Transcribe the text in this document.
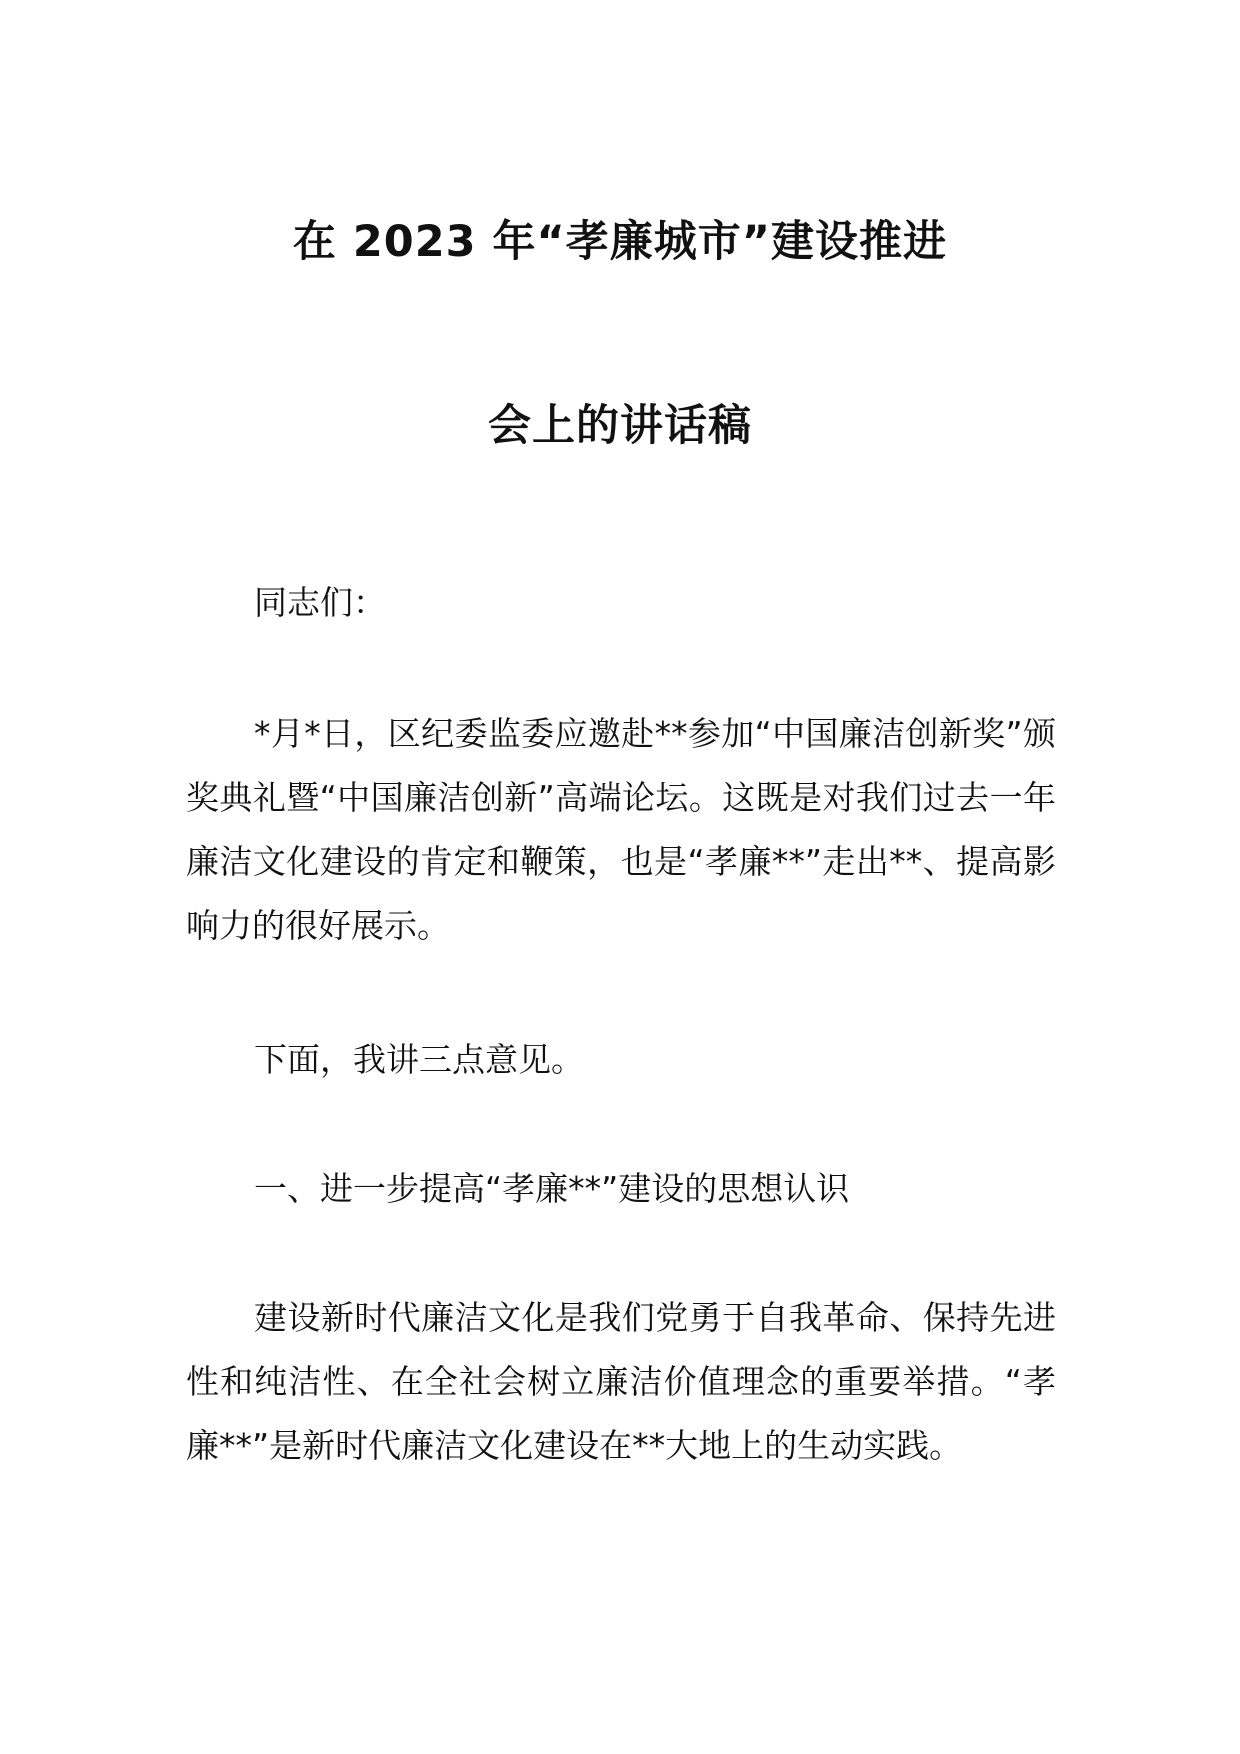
在 2023 年“孝廉城市”建设推进
会上的讲话稿
同志们：
*月*日，区纪委监委应邀赴**参加“中国廉洁创新奖”颁奖典礼暨“中国廉洁创新”高端论坛。这既是对我们过去一年廉洁文化建设的肯定和鞭策，也是“孝廉**”走出**、提高影响力的很好展示。
下面，我讲三点意见。
一、进一步提高“孝廉**”建设的思想认识
建设新时代廉洁文化是我们党勇于自我革命、保持先进性和纯洁性、在全社会树立廉洁价值理念的重要举措。“孝廉**”是新时代廉洁文化建设在**大地上的生动实践。
